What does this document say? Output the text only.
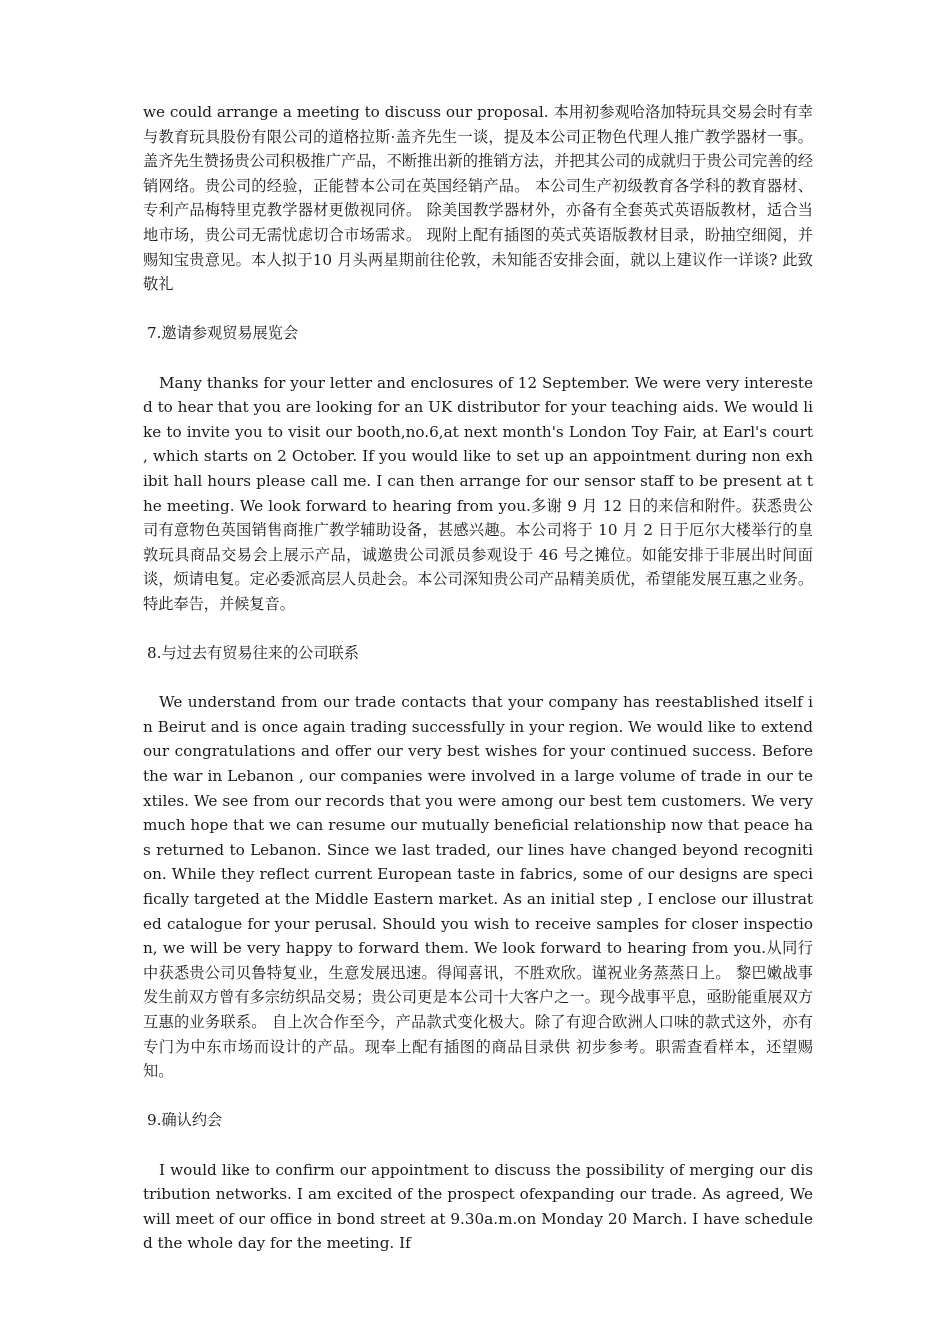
we could arrange a meeting to discuss our proposal. 本用初参观哈洛加特玩具交易会时有幸与教育玩具股份有限公司的道格拉斯·盖齐先生一谈，提及本公司正物色代理人推广教学器材一事。 盖齐先生赞扬贵公司积极推广产品，不断推出新的推销方法，并把其公司的成就归于贵公司完善的经销网络。贵公司的经验，正能替本公司在英国经销产品。 本公司生产初级教育各学科的教育器材、专利产品梅特里克教学器材更傲视同侪。 除美国教学器材外，亦备有全套英式英语版教材，适合当地市场，贵公司无需忧虑切合市场需求。 现附上配有插图的英式英语版教材目录，盼抽空细阅，并赐知宝贵意见。本人拟于10 月头两星期前往伦敦，未知能否安排会面，就以上建议作一详谈? 此致 敬礼

7.邀请参观贸易展览会

Many thanks for your letter and enclosures of 12 September. We were very interested to hear that you are looking for an UK distributor for your teaching aids. We would like to invite you to visit our booth,no.6,at next month's London Toy Fair, at Earl's court , which starts on 2 October. If you would like to set up an appointment during non exhibit hall hours please call me. I can then arrange for our sensor staff to be present at the meeting. We look forward to hearing from you.多谢 9 月 12 日的来信和附件。获悉贵公司有意物色英国销售商推广教学辅助设备，甚感兴趣。本公司将于 10 月 2 日于厄尔大楼举行的皇敦玩具商品交易会上展示产品，诚邀贵公司派员参观设于 46 号之摊位。如能安排于非展出时间面谈，烦请电复。定必委派高层人员赴会。本公司深知贵公司产品精美质优，希望能发展互惠之业务。 特此奉告，并候复音。

8.与过去有贸易往来的公司联系

We understand from our trade contacts that your company has reestablished itself in Beirut and is once again trading successfully in your region. We would like to extend our congratulations and offer our very best wishes for your continued success. Before the war in Lebanon , our companies were involved in a large volume of trade in our textiles. We see from our records that you were among our best tem customers. We very much hope that we can resume our mutually beneficial relationship now that peace has returned to Lebanon. Since we last traded, our lines have changed beyond recognition. While they reflect current European taste in fabrics, some of our designs are specifically targeted at the Middle Eastern market. As an initial step , I enclose our illustrated catalogue for your perusal. Should you wish to receive samples for closer inspection, we will be very happy to forward them. We look forward to hearing from you.从同行中获悉贵公司贝鲁特复业，生意发展迅速。得闻喜讯，不胜欢欣。谨祝业务蒸蒸日上。 黎巴嫩战事发生前双方曾有多宗纺织品交易；贵公司更是本公司十大客户之一。现今战事平息，亟盼能重展双方互惠的业务联系。 自上次合作至今，产品款式变化极大。除了有迎合欧洲人口味的款式这外，亦有专门为中东市场而设计的产品。现奉上配有插图的商品目录供 初步参考。职需查看样本，还望赐知。

9.确认约会

I would like to confirm our appointment to discuss the possibility of merging our distribution networks. I am excited of the prospect ofexpanding our trade. As agreed, We will meet of our office in bond street at 9.30a.m.on Monday 20 March. I have scheduled the whole day for the meeting. If
